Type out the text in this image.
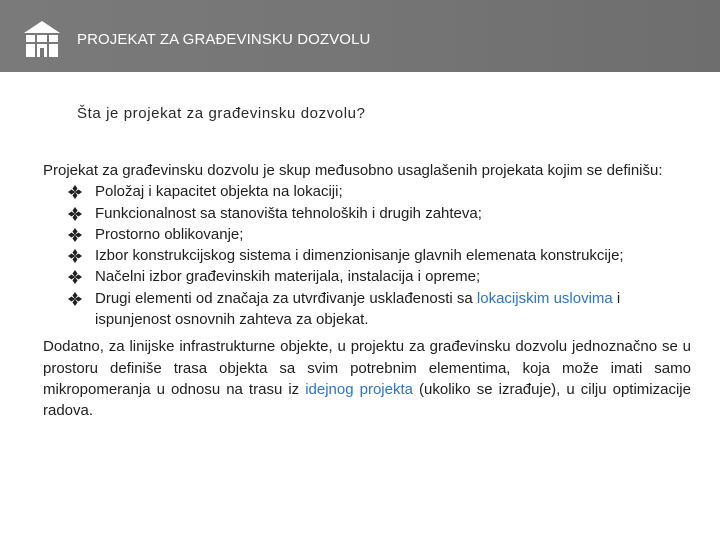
PROJEKAT ZA GRAĐEVINSKU DOZVOLU
Šta je projekat za građevinsku dozvolu?

Projekat za građevinsku dozvolu je skup međusobno usaglašenih projekata kojim se definišu:

Položaj i kapacitet objekta na lokaciji;
Funkcionalnost sa stanovišta tehnoloških i drugih zahteva;
Prostorno oblikovanje;
Izbor konstrukcijskog sistema i dimenzionisanje glavnih elemenata konstrukcije;
Načelni izbor građevinskih materijala, instalacija i opreme;
Drugi elementi od značaja za utvrđivanje usklađenosti sa lokacijskim uslovima i ispunjenost osnovnih zahteva za objekat.

Dodatno, za linijske infrastrukturne objekte, u projektu za građevinsku dozvolu jednoznačno se u prostoru definiše trasa objekta sa svim potrebnim elementima, koja može imati samo mikropomeranja u odnosu na trasu iz idejnog projekta (ukoliko se izrađuje), u cilju optimizacije radova.
